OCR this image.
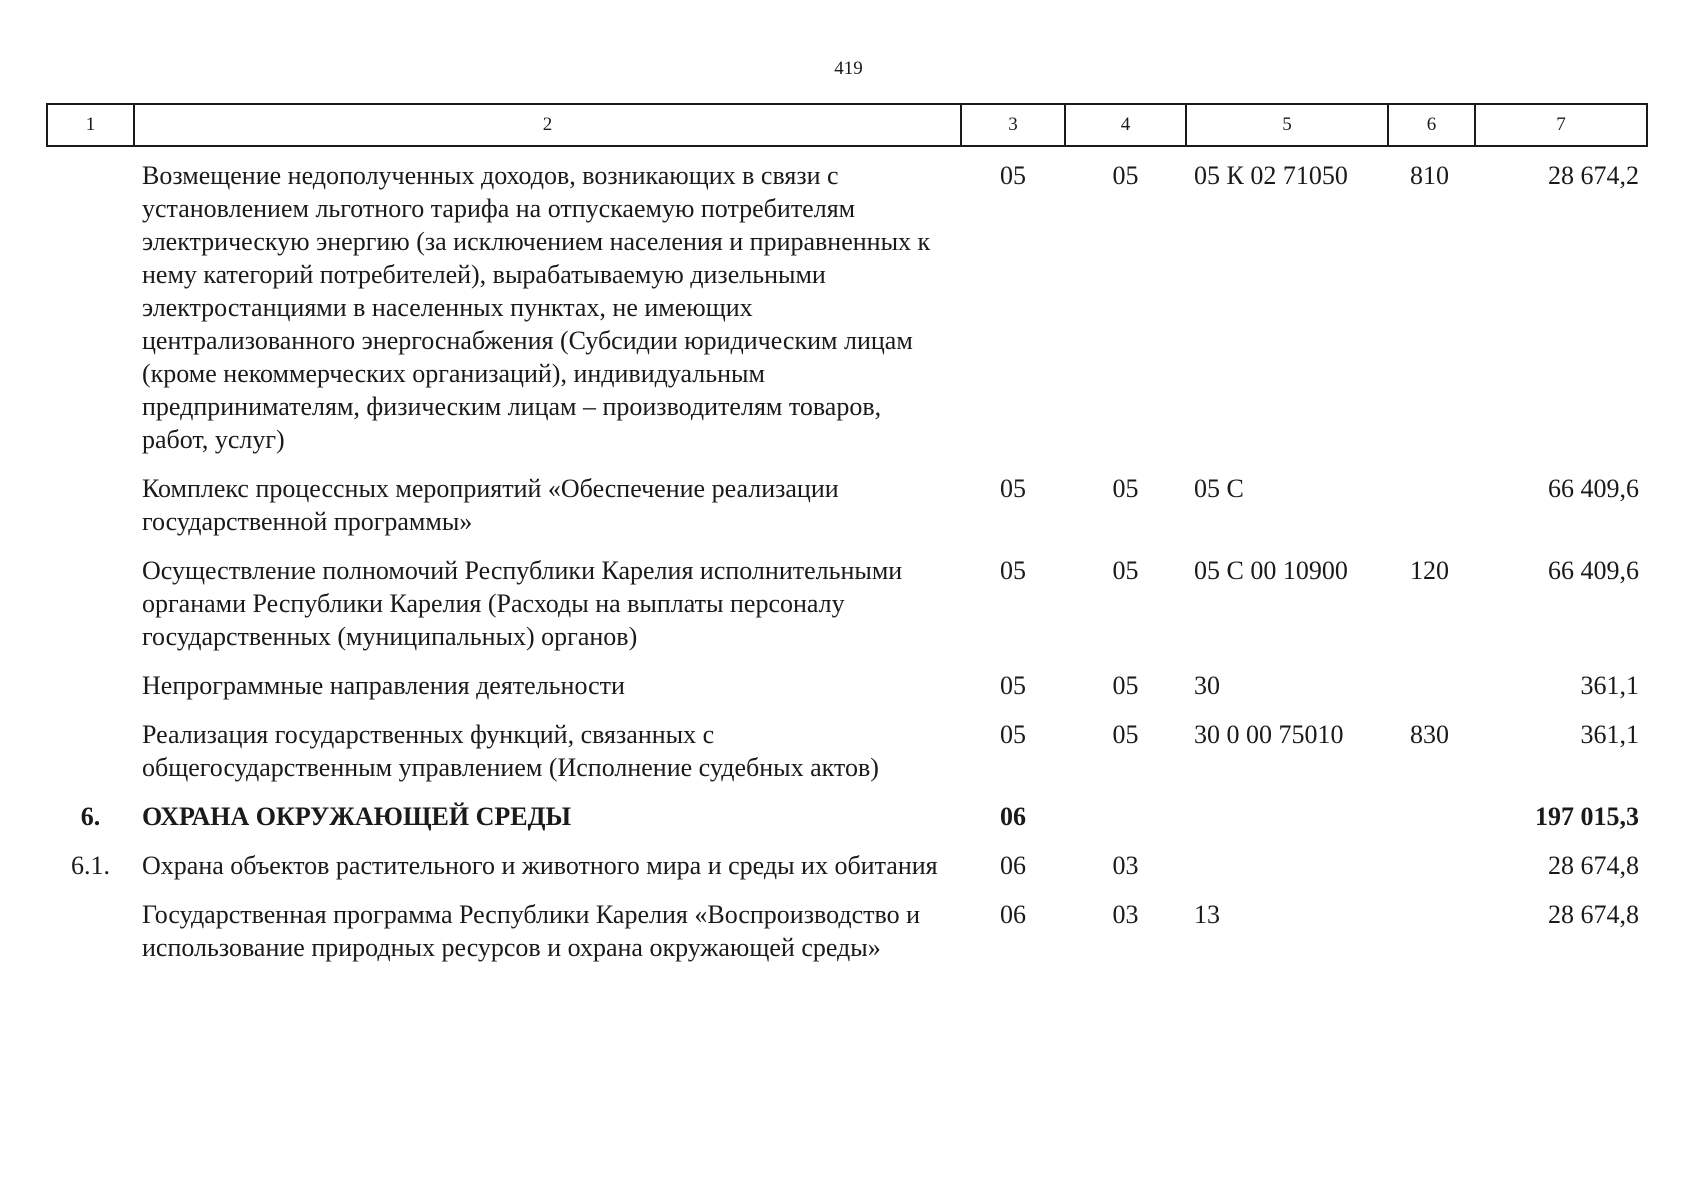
419
1	2	3	4	5	6	7
	Возмещение недополученных доходов, возникающих в связи с установлением льготного тарифа на отпускаемую потребителям электрическую энергию (за исключением населения и приравненных к нему категорий потребителей), вырабатываемую дизельными электростанциями в населенных пунктах, не имеющих централизованного энергоснабжения (Субсидии юридическим лицам (кроме некоммерческих организаций), индивидуальным предпринимателям, физическим лицам – производителям товаров, работ, услуг)	05	05	05 К 02 71050	810	28 674,2
	Комплекс процессных мероприятий «Обеспечение реализации государственной программы»	05	05	05 С		66 409,6
	Осуществление полномочий Республики Карелия исполнительными органами Республики Карелия (Расходы на выплаты персоналу государственных (муниципальных) органов)	05	05	05 С 00 10900	120	66 409,6
	Непрограммные направления деятельности	05	05	30		361,1
	Реализация государственных функций, связанных с общегосударственным управлением (Исполнение судебных актов)	05	05	30 0 00 75010	830	361,1
6.	ОХРАНА ОКРУЖАЮЩЕЙ СРЕДЫ	06				197 015,3
6.1.	Охрана объектов растительного и животного мира и среды их обитания	06	03			28 674,8
	Государственная программа Республики Карелия «Воспроизводство и использование природных ресурсов и охрана окружающей среды»	06	03	13		28 674,8
